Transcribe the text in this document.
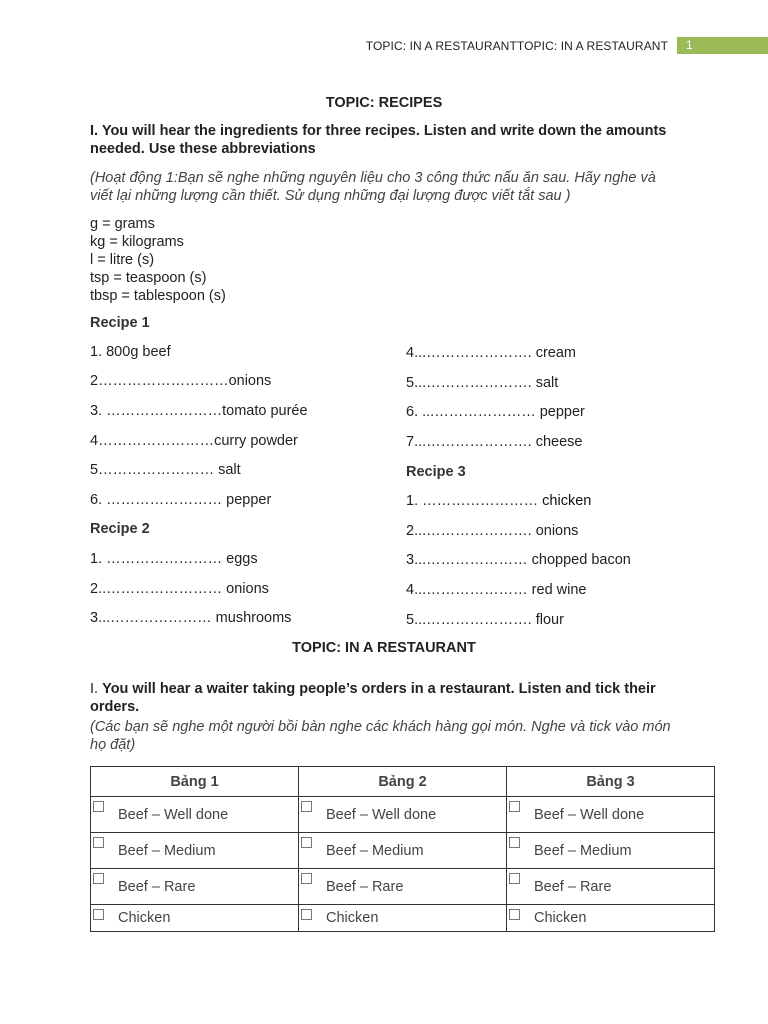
TOPIC: IN A RESTAURANTTOPIC: IN A RESTAURANT	1
TOPIC: RECIPES
I. You will hear the ingredients for three recipes. Listen and write down the amounts needed. Use these abbreviations
(Hoạt động 1:Bạn sẽ nghe những nguyên liệu cho 3 công thức nấu ăn sau. Hãy nghe và viết lại những lượng cần thiết. Sử dụng những đại lượng được viết tắt sau )
g = grams
kg = kilograms
l = litre (s)
tsp = teaspoon (s)
tbsp = tablespoon (s)
Recipe 1
1. 800g beef
2………………………onions
3. ……………………tomato purée
4……………………curry powder
5…………………… salt
6. …………………… pepper
Recipe 2
1. …………………… eggs
2..…………………… onions
3...………………… mushrooms
4...…………………. cream
5...…………………. salt
6. ...………………… pepper
7...…………………. cheese
Recipe 3
1. …………………… chicken
2...…………………. onions
3...………………… chopped bacon
4...………………… red wine
5...…………………. flour
TOPIC: IN A RESTAURANT
I. You will hear a waiter taking people’s orders in a restaurant. Listen and tick their orders.
(Các bạn sẽ nghe một người bồi bàn nghe các khách hàng gọi món. Nghe và tick vào món họ đặt)
Bảng 1	Bảng 2	Bảng 3

Beef – Well done	Beef – Well done	Beef – Well done

Beef – Medium	Beef – Medium	Beef – Medium

Beef – Rare	Beef – Rare	Beef – Rare

Chicken	Chicken	Chicken
